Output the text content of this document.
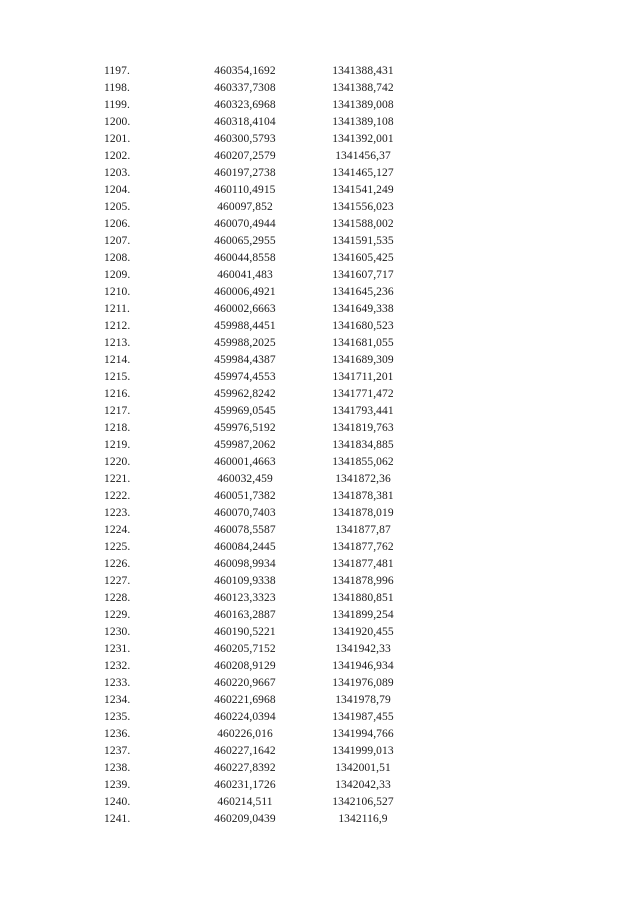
1197.	460354,1692	1341388,431
1198.	460337,7308	1341388,742
1199.	460323,6968	1341389,008
1200.	460318,4104	1341389,108
1201.	460300,5793	1341392,001
1202.	460207,2579	1341456,37
1203.	460197,2738	1341465,127
1204.	460110,4915	1341541,249
1205.	460097,852	1341556,023
1206.	460070,4944	1341588,002
1207.	460065,2955	1341591,535
1208.	460044,8558	1341605,425
1209.	460041,483	1341607,717
1210.	460006,4921	1341645,236
1211.	460002,6663	1341649,338
1212.	459988,4451	1341680,523
1213.	459988,2025	1341681,055
1214.	459984,4387	1341689,309
1215.	459974,4553	1341711,201
1216.	459962,8242	1341771,472
1217.	459969,0545	1341793,441
1218.	459976,5192	1341819,763
1219.	459987,2062	1341834,885
1220.	460001,4663	1341855,062
1221.	460032,459	1341872,36
1222.	460051,7382	1341878,381
1223.	460070,7403	1341878,019
1224.	460078,5587	1341877,87
1225.	460084,2445	1341877,762
1226.	460098,9934	1341877,481
1227.	460109,9338	1341878,996
1228.	460123,3323	1341880,851
1229.	460163,2887	1341899,254
1230.	460190,5221	1341920,455
1231.	460205,7152	1341942,33
1232.	460208,9129	1341946,934
1233.	460220,9667	1341976,089
1234.	460221,6968	1341978,79
1235.	460224,0394	1341987,455
1236.	460226,016	1341994,766
1237.	460227,1642	1341999,013
1238.	460227,8392	1342001,51
1239.	460231,1726	1342042,33
1240.	460214,511	1342106,527
1241.	460209,0439	1342116,9
